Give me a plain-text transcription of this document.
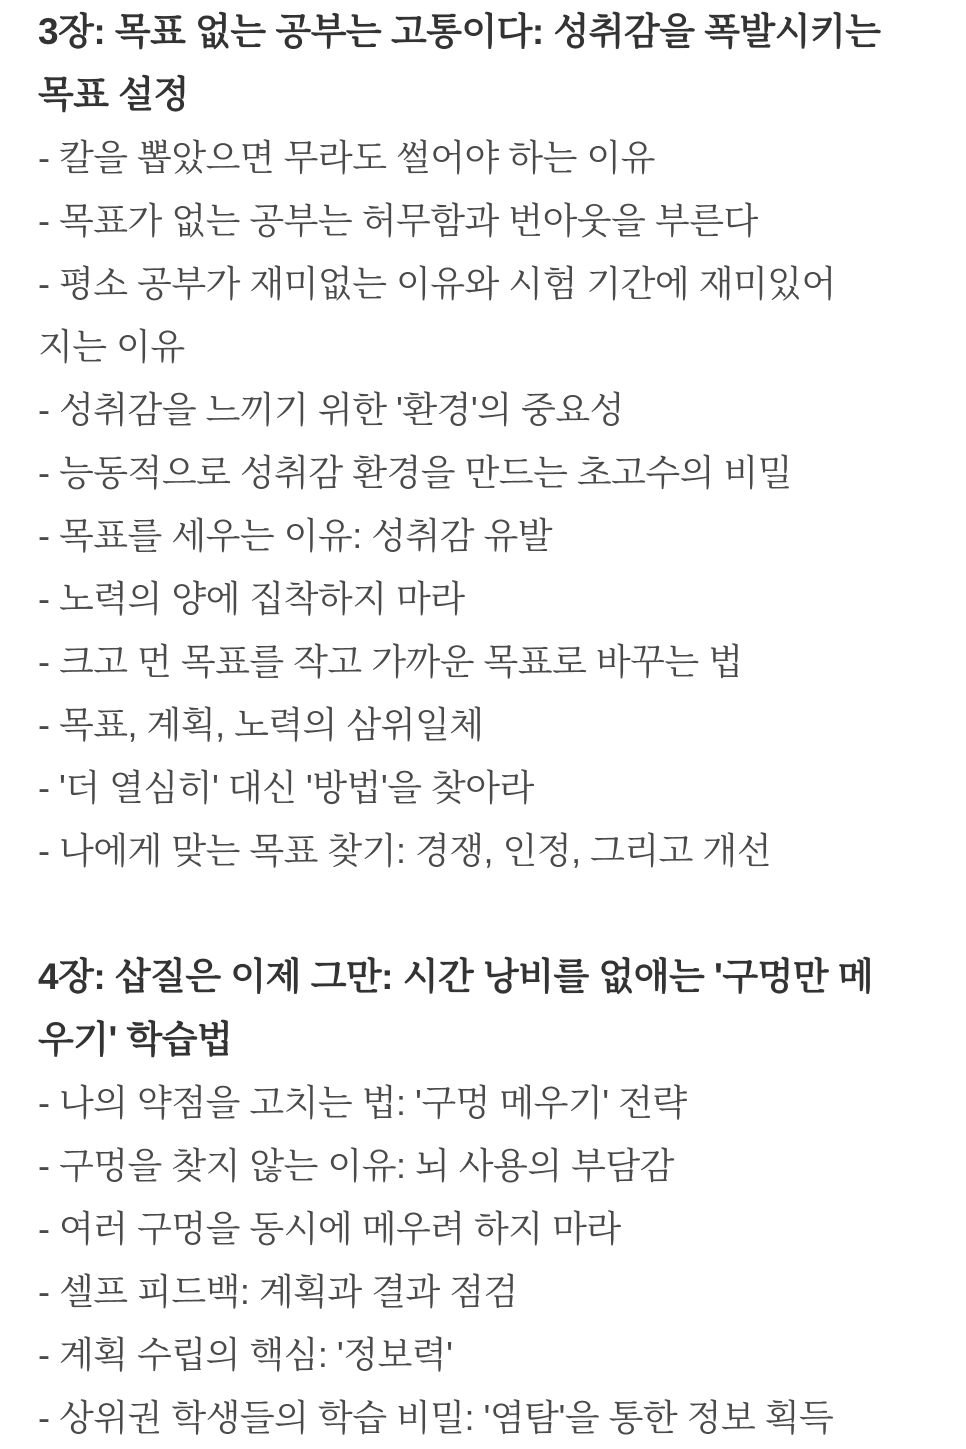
3장: 목표 없는 공부는 고통이다: 성취감을 폭발시키는
목표 설정
- 칼을 뽑았으면 무라도 썰어야 하는 이유
- 목표가 없는 공부는 허무함과 번아웃을 부른다
- 평소 공부가 재미없는 이유와 시험 기간에 재미있어
지는 이유
- 성취감을 느끼기 위한 '환경'의 중요성
- 능동적으로 성취감 환경을 만드는 초고수의 비밀
- 목표를 세우는 이유: 성취감 유발
- 노력의 양에 집착하지 마라
- 크고 먼 목표를 작고 가까운 목표로 바꾸는 법
- 목표, 계획, 노력의 삼위일체
- '더 열심히' 대신 '방법'을 찾아라
- 나에게 맞는 목표 찾기: 경쟁, 인정, 그리고 개선
4장: 삽질은 이제 그만: 시간 낭비를 없애는 '구멍만 메
우기' 학습법
- 나의 약점을 고치는 법: '구멍 메우기' 전략
- 구멍을 찾지 않는 이유: 뇌 사용의 부담감
- 여러 구멍을 동시에 메우려 하지 마라
- 셀프 피드백: 계획과 결과 점검
- 계획 수립의 핵심: '정보력'
- 상위권 학생들의 학습 비밀: '염탐'을 통한 정보 획득
